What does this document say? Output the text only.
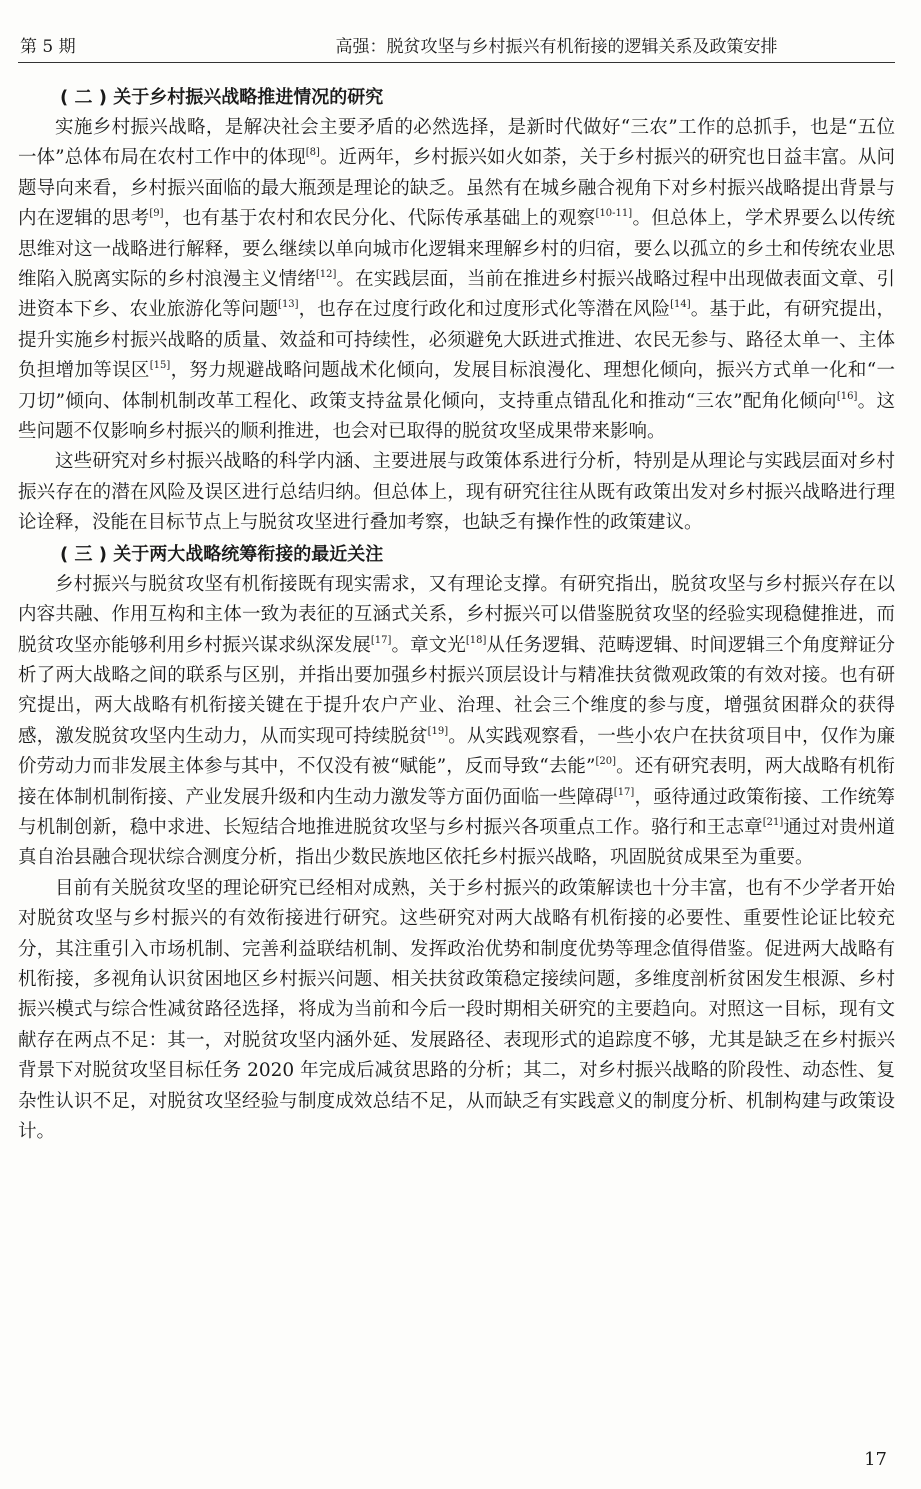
第 5 期	高强：脱贫攻坚与乡村振兴有机衔接的逻辑关系及政策安排
( 二 ) 关于乡村振兴战略推进情况的研究

实施乡村振兴战略，是解决社会主要矛盾的必然选择，是新时代做好“三农”工作的总抓手，也是“五位一体”总体布局在农村工作中的体现[8]。近两年，乡村振兴如火如荼，关于乡村振兴的研究也日益丰富。从问题导向来看，乡村振兴面临的最大瓶颈是理论的缺乏。虽然有在城乡融合视角下对乡村振兴战略提出背景与内在逻辑的思考[9]，也有基于农村和农民分化、代际传承基础上的观察[10-11]。但总体上，学术界要么以传统思维对这一战略进行解释，要么继续以单向城市化逻辑来理解乡村的归宿，要么以孤立的乡土和传统农业思维陷入脱离实际的乡村浪漫主义情绪[12]。在实践层面，当前在推进乡村振兴战略过程中出现做表面文章、引进资本下乡、农业旅游化等问题[13]，也存在过度行政化和过度形式化等潜在风险[14]。基于此，有研究提出，提升实施乡村振兴战略的质量、效益和可持续性，必须避免大跃进式推进、农民无参与、路径太单一、主体负担增加等误区[15]，努力规避战略问题战术化倾向，发展目标浪漫化、理想化倾向，振兴方式单一化和“一刀切”倾向、体制机制改革工程化、政策支持盆景化倾向，支持重点错乱化和推动“三农”配角化倾向[16]。这些问题不仅影响乡村振兴的顺利推进，也会对已取得的脱贫攻坚成果带来影响。

这些研究对乡村振兴战略的科学内涵、主要进展与政策体系进行分析，特别是从理论与实践层面对乡村振兴存在的潜在风险及误区进行总结归纳。但总体上，现有研究往往从既有政策出发对乡村振兴战略进行理论诠释，没能在目标节点上与脱贫攻坚进行叠加考察，也缺乏有操作性的政策建议。

( 三 ) 关于两大战略统筹衔接的最近关注

乡村振兴与脱贫攻坚有机衔接既有现实需求，又有理论支撑。有研究指出，脱贫攻坚与乡村振兴存在以内容共融、作用互构和主体一致为表征的互涵式关系，乡村振兴可以借鉴脱贫攻坚的经验实现稳健推进，而脱贫攻坚亦能够利用乡村振兴谋求纵深发展[17]。章文光[18]从任务逻辑、范畴逻辑、时间逻辑三个角度辩证分析了两大战略之间的联系与区别，并指出要加强乡村振兴顶层设计与精准扶贫微观政策的有效对接。也有研究提出，两大战略有机衔接关键在于提升农户产业、治理、社会三个维度的参与度，增强贫困群众的获得感，激发脱贫攻坚内生动力，从而实现可持续脱贫[19]。从实践观察看，一些小农户在扶贫项目中，仅作为廉价劳动力而非发展主体参与其中，不仅没有被“赋能”，反而导致“去能”[20]。还有研究表明，两大战略有机衔接在体制机制衔接、产业发展升级和内生动力激发等方面仍面临一些障碍[17]，亟待通过政策衔接、工作统筹与机制创新，稳中求进、长短结合地推进脱贫攻坚与乡村振兴各项重点工作。骆行和王志章[21]通过对贵州道真自治县融合现状综合测度分析，指出少数民族地区依托乡村振兴战略，巩固脱贫成果至为重要。

目前有关脱贫攻坚的理论研究已经相对成熟，关于乡村振兴的政策解读也十分丰富，也有不少学者开始对脱贫攻坚与乡村振兴的有效衔接进行研究。这些研究对两大战略有机衔接的必要性、重要性论证比较充分，其注重引入市场机制、完善利益联结机制、发挥政治优势和制度优势等理念值得借鉴。促进两大战略有机衔接，多视角认识贫困地区乡村振兴问题、相关扶贫政策稳定接续问题，多维度剖析贫困发生根源、乡村振兴模式与综合性减贫路径选择，将成为当前和今后一段时期相关研究的主要趋向。对照这一目标，现有文献存在两点不足：其一，对脱贫攻坚内涵外延、发展路径、表现形式的追踪度不够，尤其是缺乏在乡村振兴背景下对脱贫攻坚目标任务 2020 年完成后减贫思路的分析；其二，对乡村振兴战略的阶段性、动态性、复杂性认识不足，对脱贫攻坚经验与制度成效总结不足，从而缺乏有实践意义的制度分析、机制构建与政策设计。

17
